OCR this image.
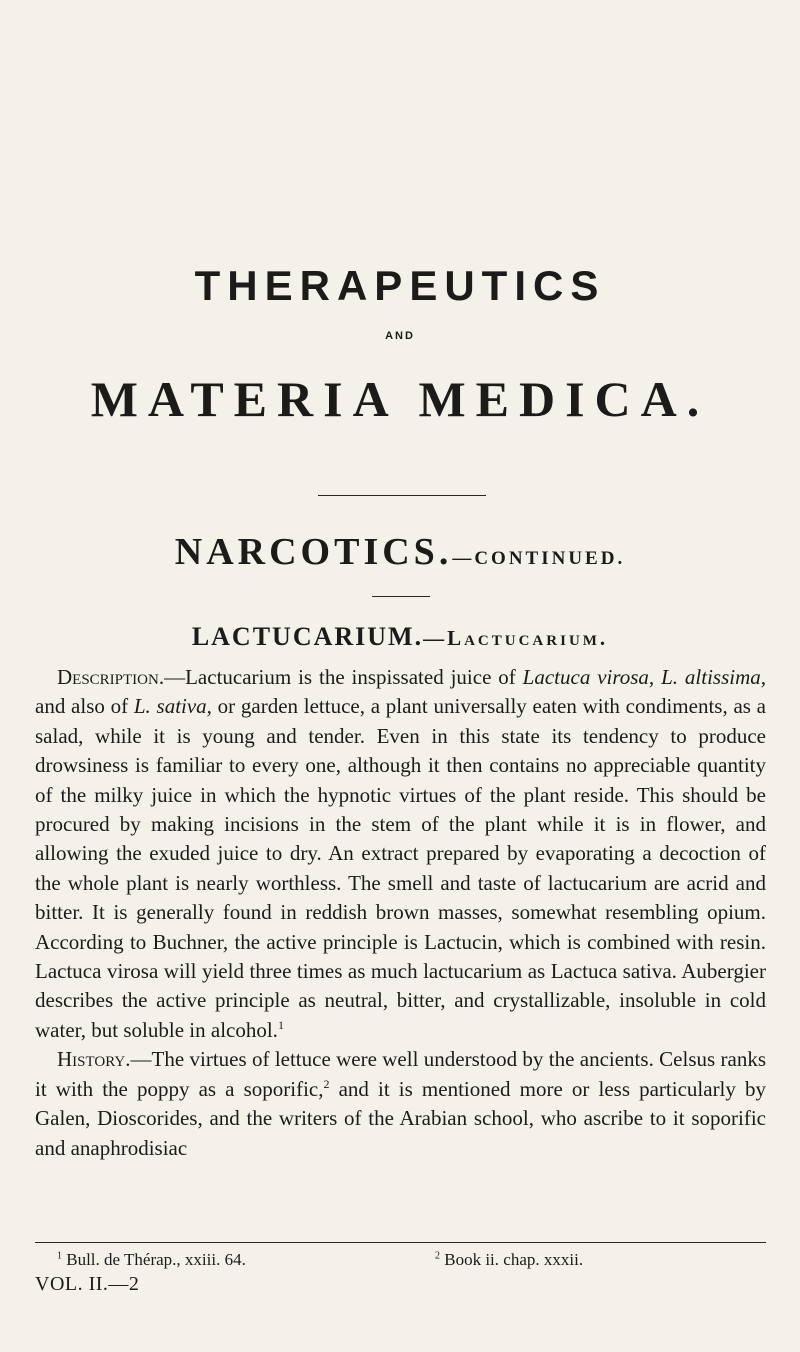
THERAPEUTICS
AND
MATERIA MEDICA.
NARCOTICS.—CONTINUED.
LACTUCARIUM.—Lactucarium.

Description.—Lactucarium is the inspissated juice of Lactuca virosa, L. altissima, and also of L. sativa, or garden lettuce, a plant universally eaten with condiments, as a salad, while it is young and tender. Even in this state its tendency to produce drowsiness is familiar to every one, although it then contains no appreciable quantity of the milky juice in which the hypnotic virtues of the plant reside. This should be procured by making incisions in the stem of the plant while it is in flower, and allowing the exuded juice to dry. An extract prepared by evaporating a decoction of the whole plant is nearly worthless. The smell and taste of lactucarium are acrid and bitter. It is generally found in reddish brown masses, somewhat resembling opium. According to Buchner, the active principle is Lactucin, which is combined with resin. Lactuca virosa will yield three times as much lactucarium as Lactuca sativa. Aubergier describes the active principle as neutral, bitter, and crystallizable, insoluble in cold water, but soluble in alcohol.$^1$

History.—The virtues of lettuce were well understood by the ancients. Celsus ranks it with the poppy as a soporific,$^2$ and it is mentioned more or less particularly by Galen, Dioscorides, and the writers of the Arabian school, who ascribe to it soporific and anaphrodisiac

$^1$ Bull. de Thérap., xxiii. 64.	$^2$ Book ii. chap. xxxii.
VOL. II.—2
